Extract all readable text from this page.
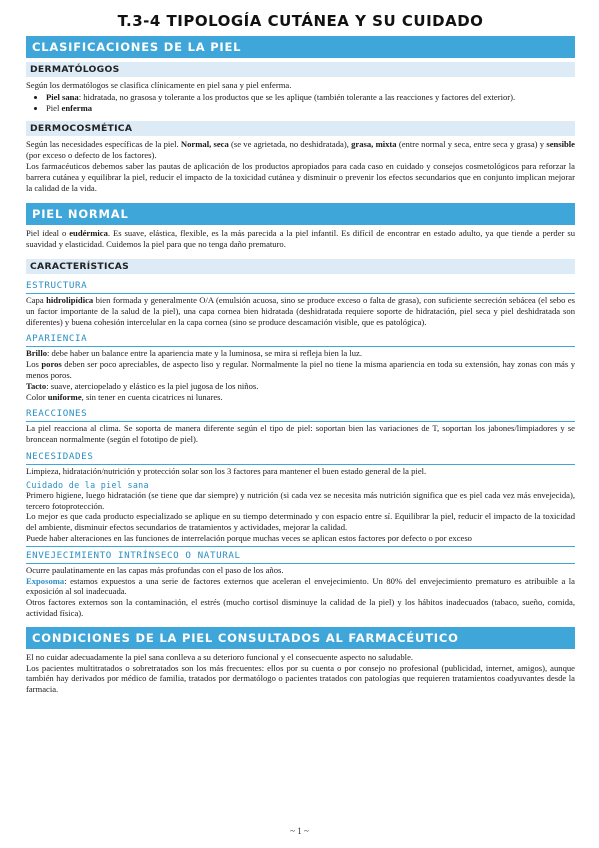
T.3-4 TIPOLOGÍA CUTÁNEA Y SU CUIDADO
CLASIFICACIONES DE LA PIEL
DERMATÓLOGOS

Según los dermatólogos se clasifica clínicamente en piel sana y piel enferma.

• Piel sana: hidratada, no grasosa y tolerante a los productos que se les aplique (también tolerante a las reacciones y factores del exterior).
• Piel enferma
DERMOCOSMÉTICA

Según las necesidades específicas de la piel. Normal, seca (se ve agrietada, no deshidratada), grasa, mixta (entre normal y seca, entre seca y grasa) y sensible (por exceso o defecto de los factores).

Los farmacéuticos debemos saber las pautas de aplicación de los productos apropiados para cada caso en cuidado y consejos cosmetológicos para reforzar la barrera cutánea y equilibrar la piel, reducir el impacto de la toxicidad cutánea y disminuir o prevenir los efectos secundarios que en conjunto implican mejorar la calidad de la vida.

PIEL NORMAL

Piel ideal o eudérmica. Es suave, elástica, flexible, es la más parecida a la piel infantil. Es difícil de encontrar en estado adulto, ya que tiende a perder su suavidad y elasticidad. Cuidemos la piel para que no tenga daño prematuro.

CARACTERÍSTICAS
ESTRUCTURA

Capa hidrolipídica bien formada y generalmente O/A (emulsión acuosa, sino se produce exceso o falta de grasa), con suficiente secreción sebácea (el sebo es un factor importante de la salud de la piel), una capa cornea bien hidratada (deshidratada requiere soporte de hidratación, piel seca y piel deshidratada son diferentes) y buena cohesión intercelular en la capa cornea (sino se produce descamación visible, que es patológica).

APARIENCIA

Brillo: debe haber un balance entre la apariencia mate y la luminosa, se mira si refleja bien la luz.

Los poros deben ser poco apreciables, de aspecto liso y regular. Normalmente la piel no tiene la misma apariencia en toda su extensión, hay zonas con más y menos poros.

Tacto: suave, aterciopelado y elástico es la piel jugosa de los niños.

Color uniforme, sin tener en cuenta cicatrices ni lunares.

REACCIONES

La piel reacciona al clima. Se soporta de manera diferente según el tipo de piel: soportan bien las variaciones de T, soportan los jabones/limpiadores y se broncean normalmente (según el fototipo de piel).

NECESIDADES

Limpieza, hidratación/nutrición y protección solar son los 3 factores para mantener el buen estado general de la piel.

Cuidado de la piel sana

Primero higiene, luego hidratación (se tiene que dar siempre) y nutrición (si cada vez se necesita más nutrición significa que es piel cada vez más envejecida), tercero fotoprotección.

Lo mejor es que cada producto especializado se aplique en su tiempo determinado y con espacio entre sí. Equilibrar la piel, reducir el impacto de la toxicidad del ambiente, disminuir efectos secundarios de tratamientos y actividades, mejorar la calidad.

Puede haber alteraciones en las funciones de interrelación porque muchas veces se aplican estos factores por defecto o por exceso

ENVEJECIMIENTO INTRÍNSECO O NATURAL

Ocurre paulatinamente en las capas más profundas con el paso de los años.

Exposoma: estamos expuestos a una serie de factores externos que aceleran el envejecimiento. Un 80% del envejecimiento prematuro es atribuible a la exposición al sol inadecuada.

Otros factores externos son la contaminación, el estrés (mucho cortisol disminuye la calidad de la piel) y los hábitos inadecuados (tabaco, sueño, comida, actividad física).

CONDICIONES DE LA PIEL CONSULTADOS AL FARMACÉUTICO

El no cuidar adecuadamente la piel sana conlleva a su deterioro funcional y el consecuente aspecto no saludable.

Los pacientes multitratados o sobretratados son los más frecuentes: ellos por su cuenta o por consejo no profesional (publicidad, internet, amigos), aunque también hay derivados por médico de familia, tratados por dermatólogo o pacientes tratados con patologías que requieren tratamientos coadyuvantes desde la farmacia.

~ 1 ~
